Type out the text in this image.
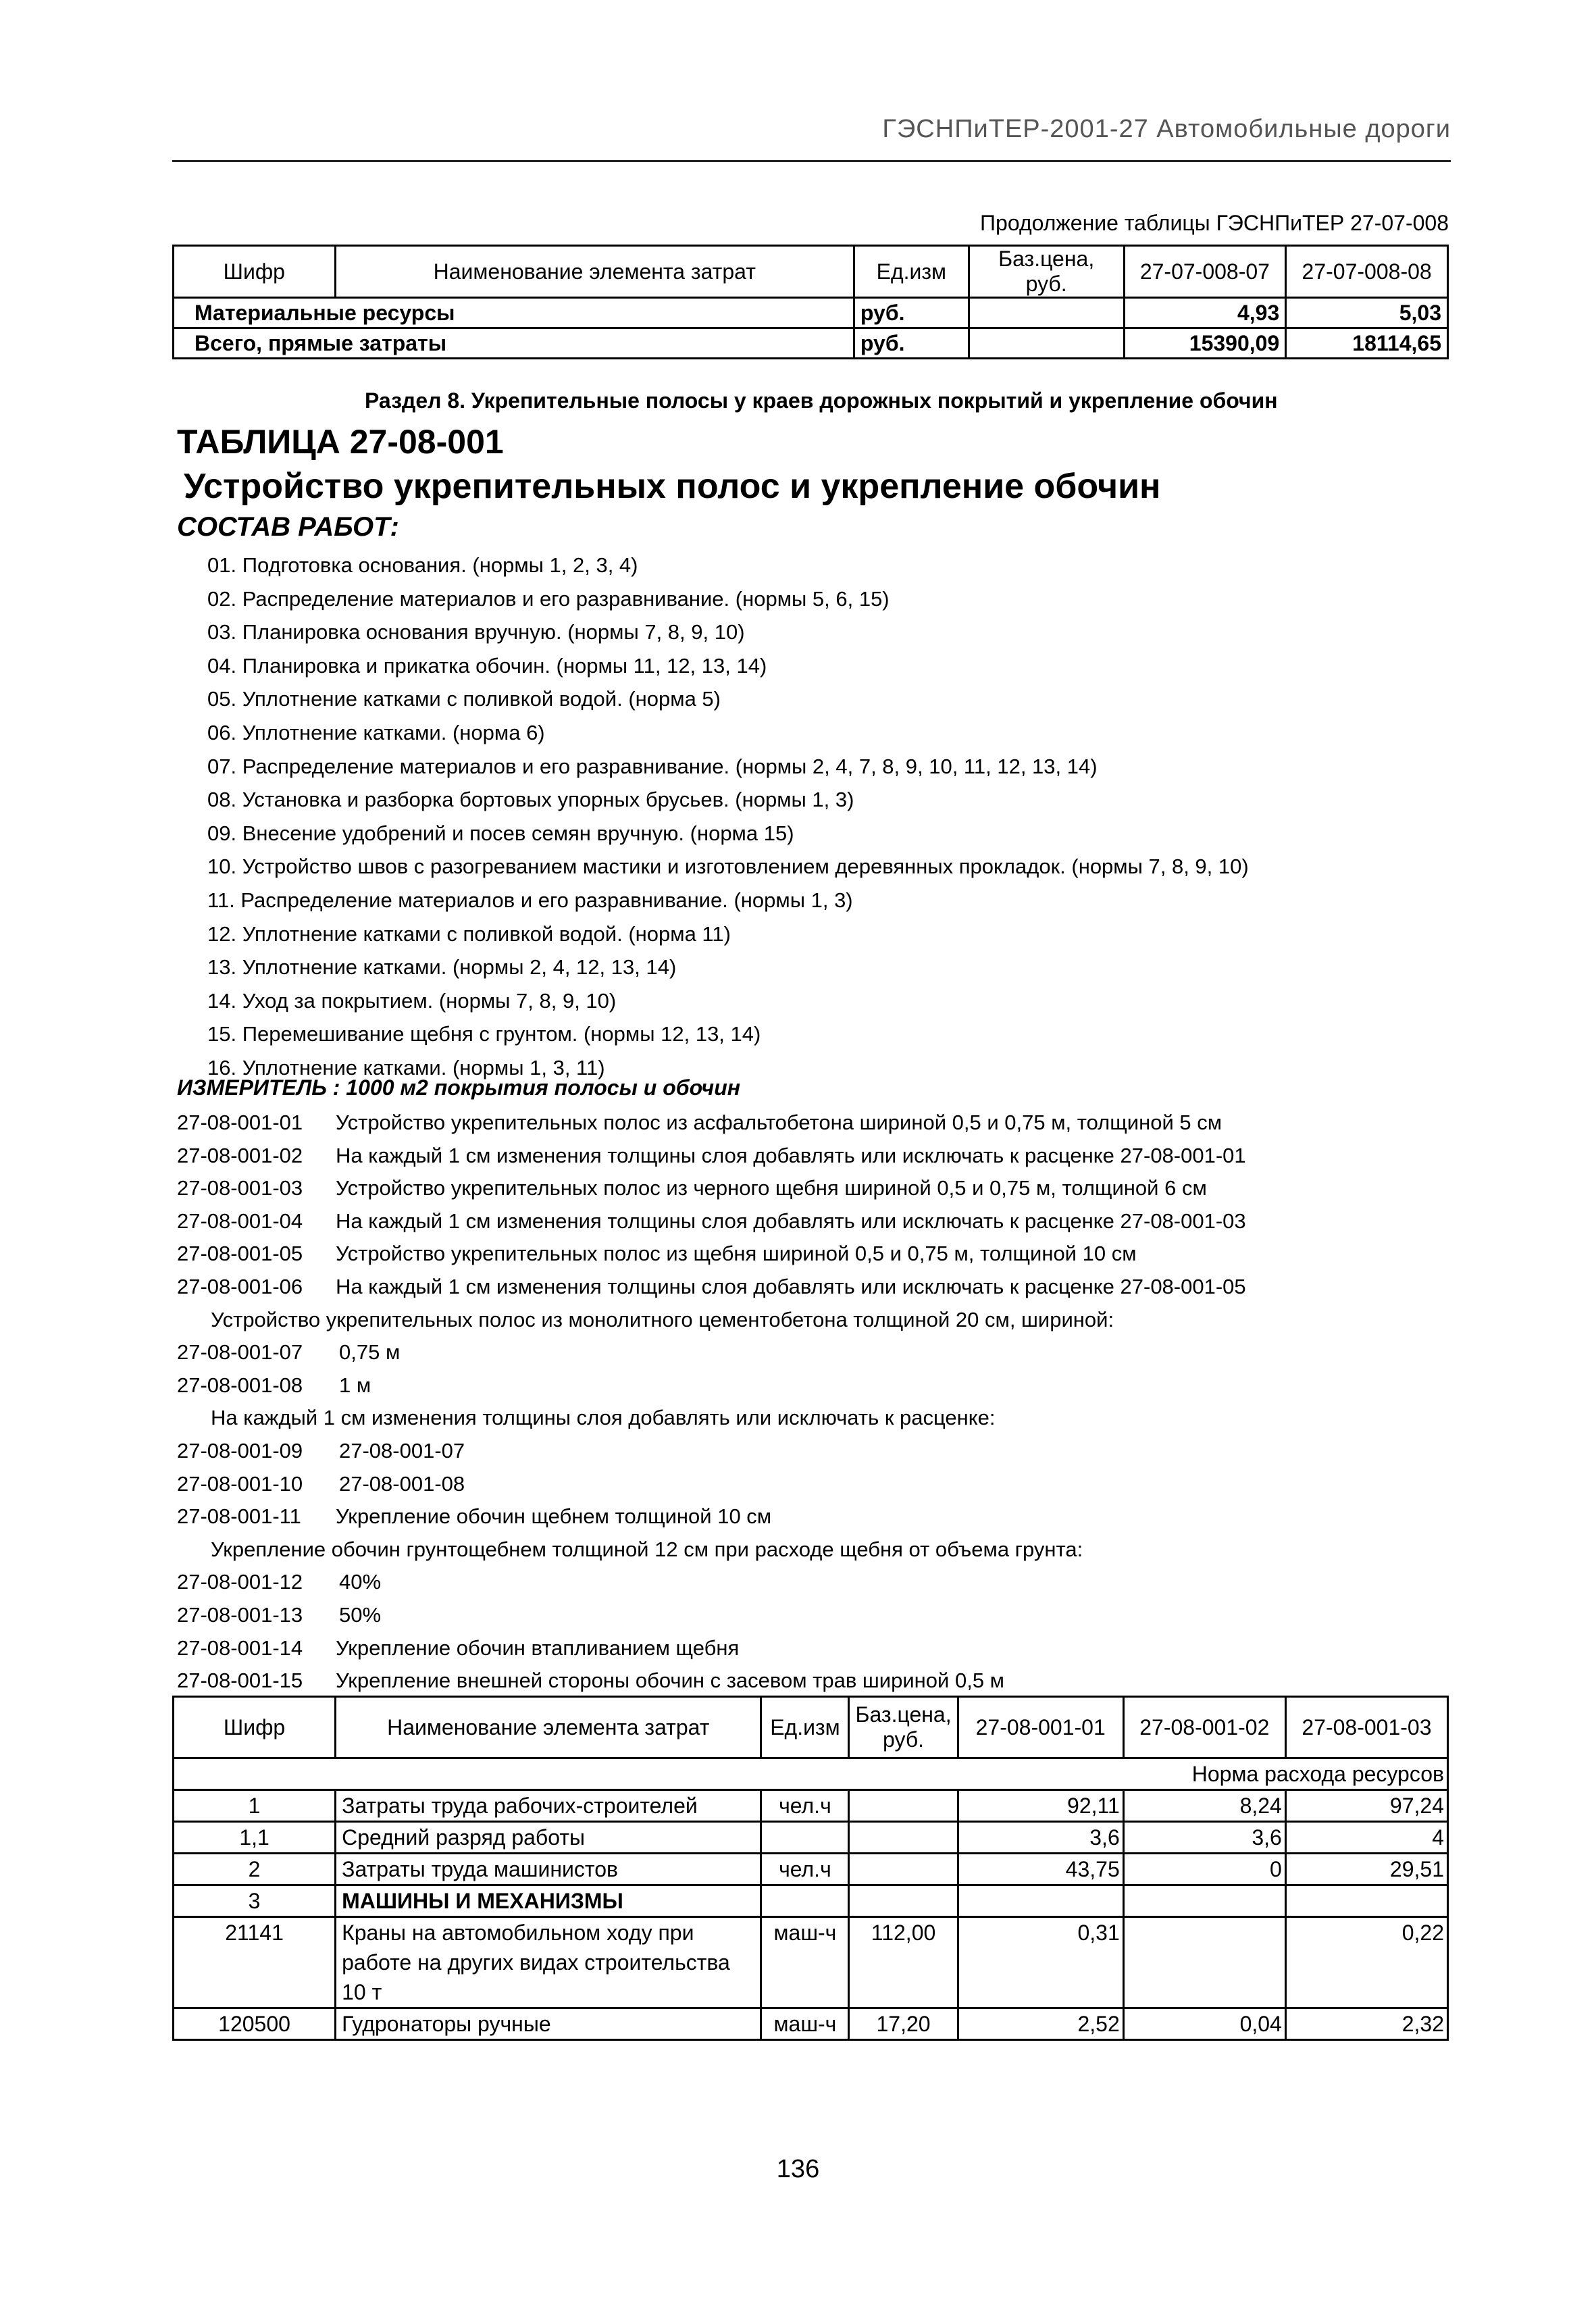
ГЭСНПиТЕР-2001-27 Автомобильные дороги
Продолжение таблицы ГЭСНПиТЕР 27-07-008
Шифр	Наименование элемента затрат	Ед.изм	Баз.цена, руб.	27-07-008-07	27-07-008-08
Материальные ресурсы		руб.		4,93	5,03
Всего, прямые затраты		руб.		15390,09	18114,65
Раздел 8. Укрепительные полосы у краев дорожных покрытий и укрепление обочин
ТАБЛИЦА 27-08-001
Устройство укрепительных полос и укрепление обочин
СОСТАВ РАБОТ:
01. Подготовка основания. (нормы 1, 2, 3, 4)
02. Распределение материалов и его разравнивание. (нормы 5, 6, 15)
03. Планировка основания вручную. (нормы 7, 8, 9, 10)
04. Планировка и прикатка обочин. (нормы 11, 12, 13, 14)
05. Уплотнение катками с поливкой водой. (норма 5)
06. Уплотнение катками. (норма 6)
07. Распределение материалов и его разравнивание. (нормы 2, 4, 7, 8, 9, 10, 11, 12, 13, 14)
08. Установка и разборка бортовых упорных брусьев. (нормы 1, 3)
09. Внесение удобрений и посев семян вручную. (норма 15)
10. Устройство швов с разогреванием мастики и изготовлением деревянных прокладок. (нормы 7, 8, 9, 10)
11. Распределение материалов и его разравнивание. (нормы 1, 3)
12. Уплотнение катками с поливкой водой. (норма 11)
13. Уплотнение катками. (нормы 2, 4, 12, 13, 14)
14. Уход за покрытием. (нормы 7, 8, 9, 10)
15. Перемешивание щебня с грунтом. (нормы 12, 13, 14)
16. Уплотнение катками. (нормы 1, 3, 11)
ИЗМЕРИТЕЛЬ : 1000 м2 покрытия полосы и обочин
27-08-001-01 Устройство укрепительных полос из асфальтобетона шириной 0,5 и 0,75 м, толщиной 5 см
27-08-001-02 На каждый 1 см изменения толщины слоя добавлять или исключать к расценке 27-08-001-01
27-08-001-03 Устройство укрепительных полос из черного щебня шириной 0,5 и 0,75 м, толщиной 6 см
27-08-001-04 На каждый 1 см изменения толщины слоя добавлять или исключать к расценке 27-08-001-03
27-08-001-05 Устройство укрепительных полос из щебня шириной 0,5 и 0,75 м, толщиной 10 см
27-08-001-06 На каждый 1 см изменения толщины слоя добавлять или исключать к расценке 27-08-001-05
Устройство укрепительных полос из монолитного цементобетона толщиной 20 см, шириной:
27-08-001-07 0,75 м
27-08-001-08 1 м
На каждый 1 см изменения толщины слоя добавлять или исключать к расценке:
27-08-001-09 27-08-001-07
27-08-001-10 27-08-001-08
27-08-001-11 Укрепление обочин щебнем толщиной 10 см
Укрепление обочин грунтощебнем толщиной 12 см при расходе щебня от объема грунта:
27-08-001-12 40%
27-08-001-13 50%
27-08-001-14 Укрепление обочин втапливанием щебня
27-08-001-15 Укрепление внешней стороны обочин с засевом трав шириной 0,5 м
Шифр	Наименование элемента затрат	Ед.изм	Баз.цена, руб.	27-08-001-01	27-08-001-02	27-08-001-03
Норма расхода ресурсов						
1	Затраты труда рабочих-строителей	чел.ч		92,11	8,24	97,24
1,1	Средний разряд работы			3,6	3,6	4
2	Затраты труда машинистов	чел.ч		43,75	0	29,51
3	МАШИНЫ И МЕХАНИЗМЫ					
21141	Краны на автомобильном ходу при работе на других видах строительства 10 т	маш-ч	112,00	0,31		0,22
120500	Гудронаторы ручные	маш-ч	17,20	2,52	0,04	2,32
136
